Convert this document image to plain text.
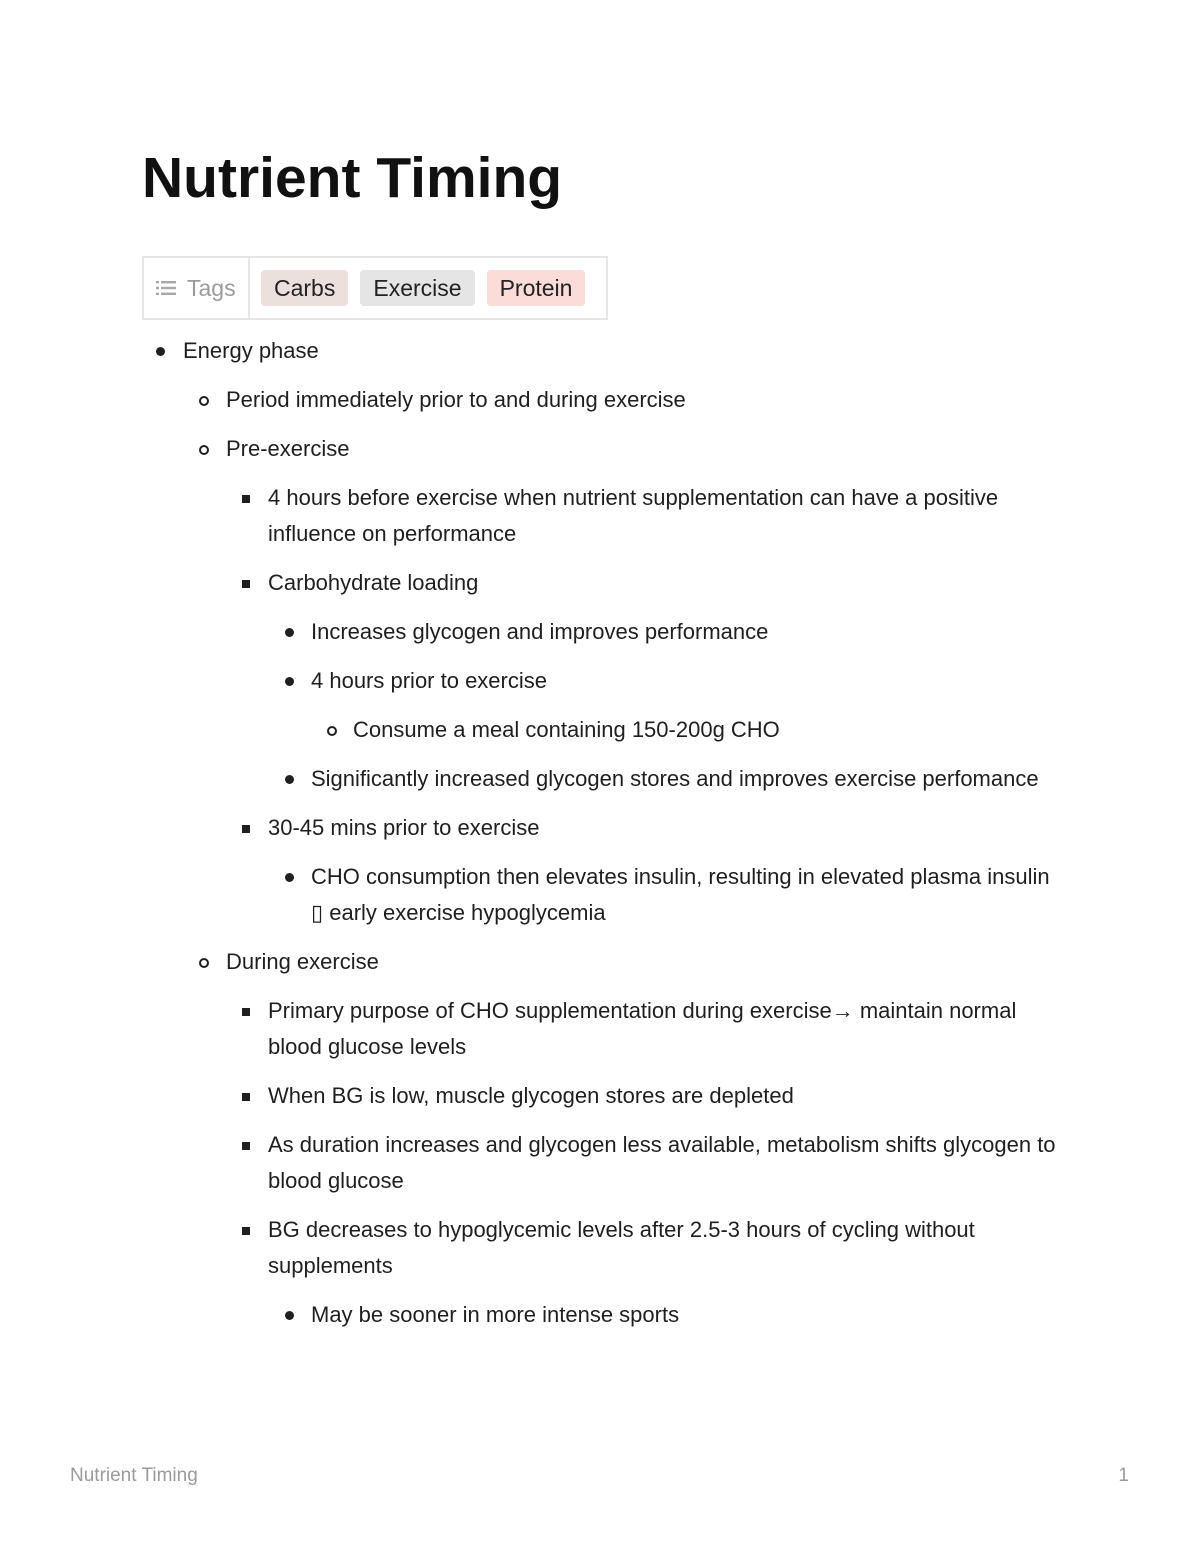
Nutrient Timing
Tags	Carbs	Exercise	Protein
Energy phase
Period immediately prior to and during exercise
Pre-exercise
4 hours before exercise when nutrient supplementation can have a positive influence on performance
Carbohydrate loading
Increases glycogen and improves performance
4 hours prior to exercise
Consume a meal containing 150-200g CHO
Significantly increased glycogen stores and improves exercise perfomance
30-45 mins prior to exercise
CHO consumption then elevates insulin, resulting in elevated plasma insulin ▯ early exercise hypoglycemia
During exercise
Primary purpose of CHO supplementation during exercise→ maintain normal blood glucose levels
When BG is low, muscle glycogen stores are depleted
As duration increases and glycogen less available, metabolism shifts glycogen to blood glucose
BG decreases to hypoglycemic levels after 2.5-3 hours of cycling without supplements
May be sooner in more intense sports
Nutrient Timing	1
